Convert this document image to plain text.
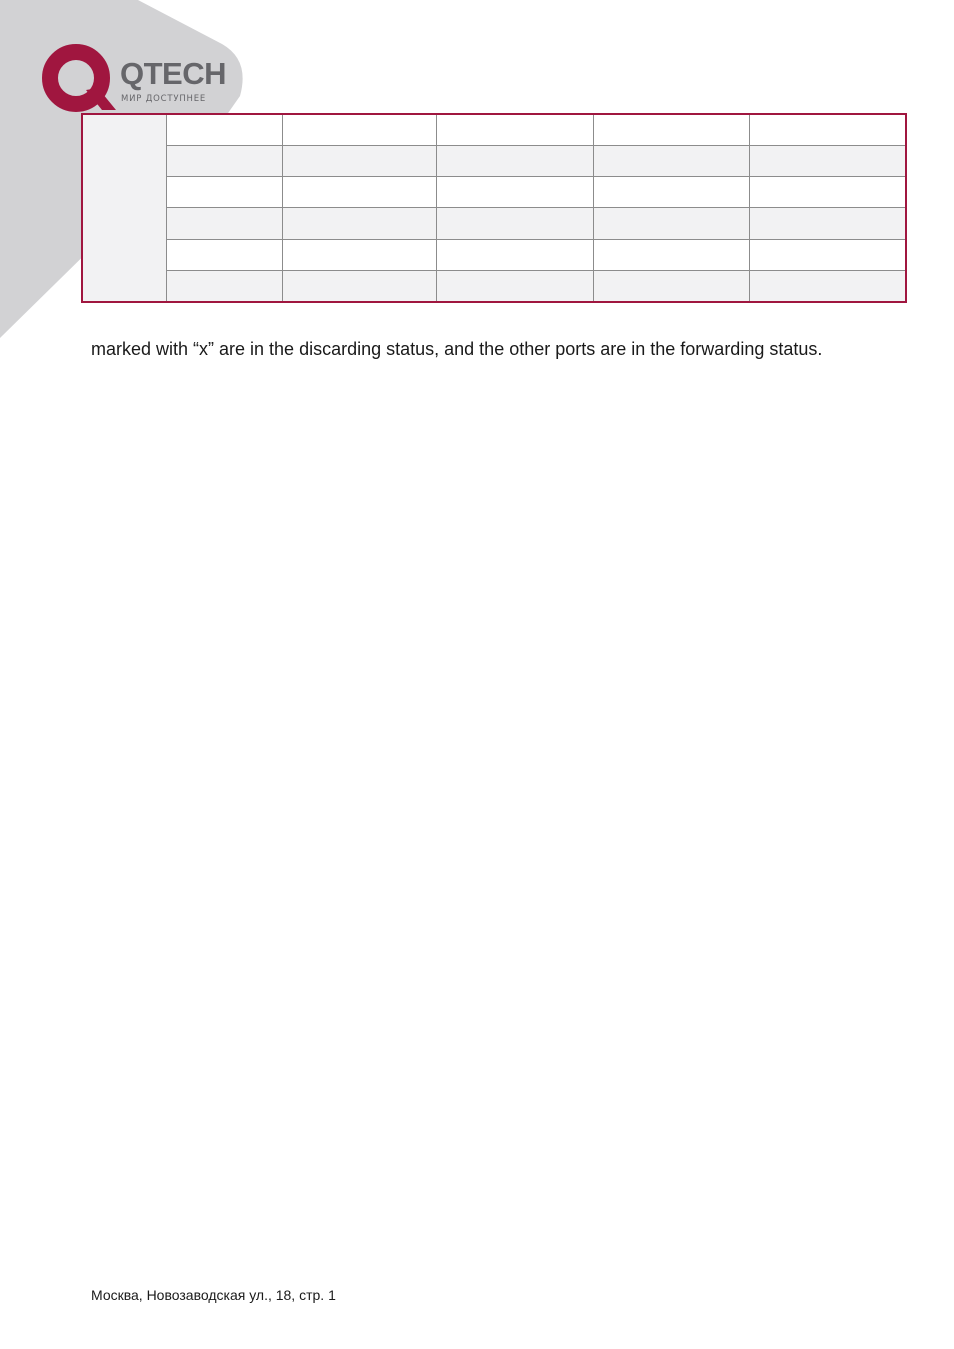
QTECH
МИР ДОСТУПНЕЕ

marked with “x” are in the discarding status, and the other ports are in the forwarding status.

Москва, Новозаводская ул., 18, стр. 1
